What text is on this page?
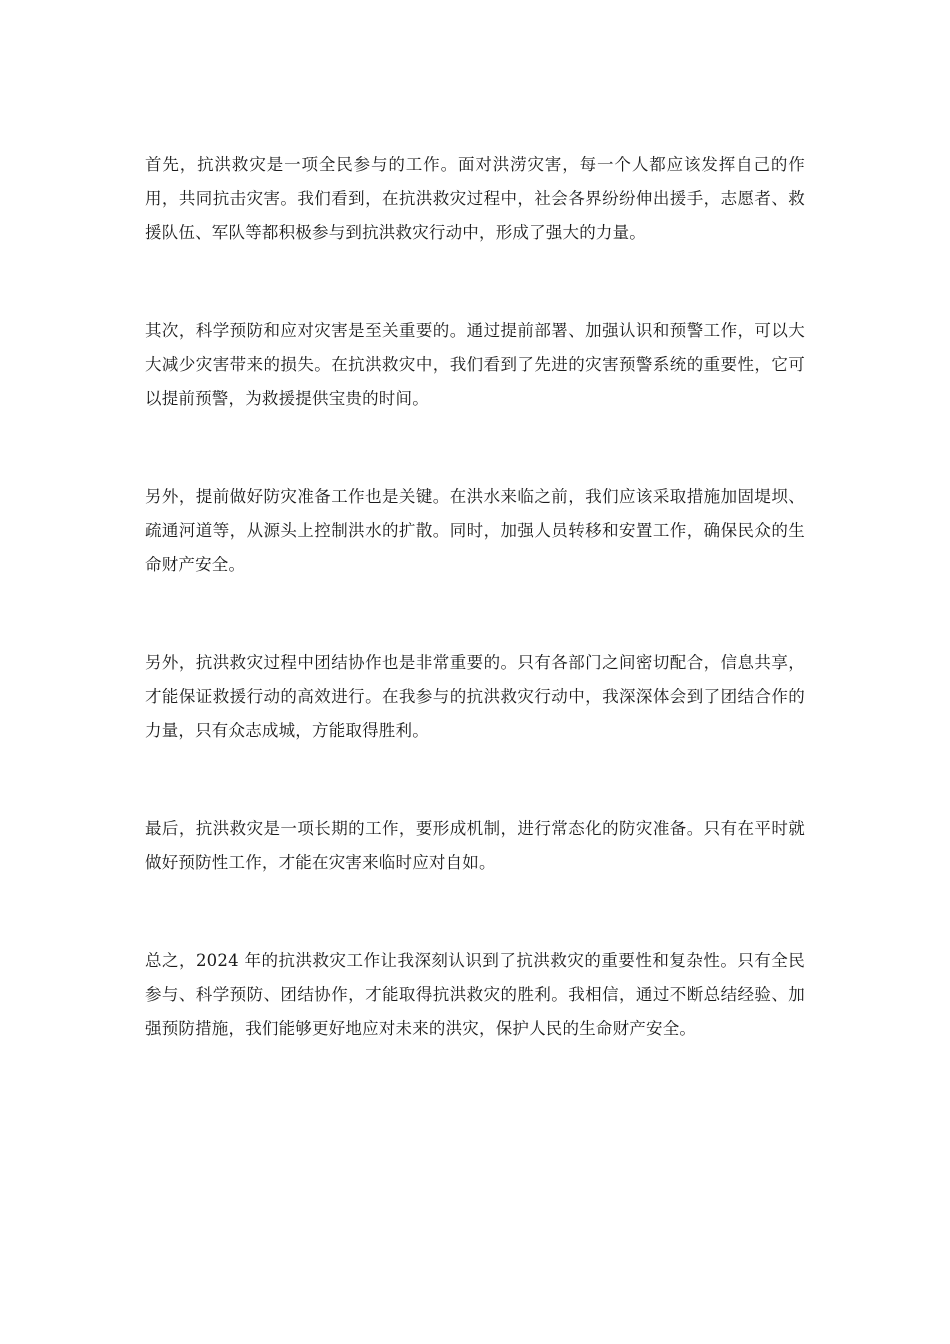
首先，抗洪救灾是一项全民参与的工作。面对洪涝灾害，每一个人都应该发挥自己的作用，共同抗击灾害。我们看到，在抗洪救灾过程中，社会各界纷纷伸出援手，志愿者、救援队伍、军队等都积极参与到抗洪救灾行动中，形成了强大的力量。

其次，科学预防和应对灾害是至关重要的。通过提前部署、加强认识和预警工作，可以大大减少灾害带来的损失。在抗洪救灾中，我们看到了先进的灾害预警系统的重要性，它可以提前预警，为救援提供宝贵的时间。

另外，提前做好防灾准备工作也是关键。在洪水来临之前，我们应该采取措施加固堤坝、疏通河道等，从源头上控制洪水的扩散。同时，加强人员转移和安置工作，确保民众的生命财产安全。

另外，抗洪救灾过程中团结协作也是非常重要的。只有各部门之间密切配合，信息共享，才能保证救援行动的高效进行。在我参与的抗洪救灾行动中，我深深体会到了团结合作的力量，只有众志成城，方能取得胜利。

最后，抗洪救灾是一项长期的工作，要形成机制，进行常态化的防灾准备。只有在平时就做好预防性工作，才能在灾害来临时应对自如。

总之，2024 年的抗洪救灾工作让我深刻认识到了抗洪救灾的重要性和复杂性。只有全民参与、科学预防、团结协作，才能取得抗洪救灾的胜利。我相信，通过不断总结经验、加强预防措施，我们能够更好地应对未来的洪灾，保护人民的生命财产安全。
